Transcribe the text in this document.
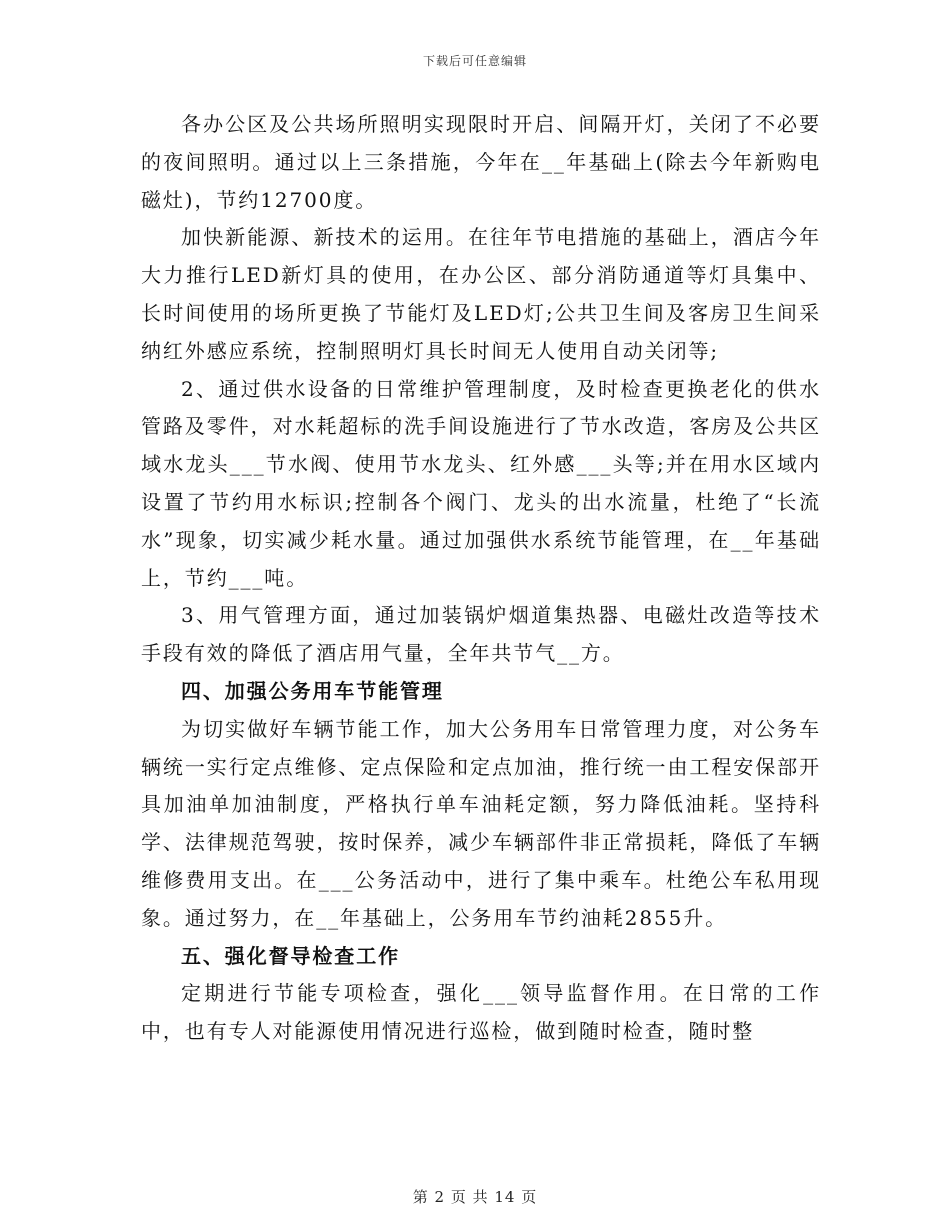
下载后可任意编辑

各办公区及公共场所照明实现限时开启、间隔开灯，关闭了不必要的夜间照明。通过以上三条措施，今年在__年基础上(除去今年新购电磁灶)，节约12700度。

加快新能源、新技术的运用。在往年节电措施的基础上，酒店今年大力推行LED新灯具的使用，在办公区、部分消防通道等灯具集中、长时间使用的场所更换了节能灯及LED灯;公共卫生间及客房卫生间采纳红外感应系统，控制照明灯具长时间无人使用自动关闭等;

2、通过供水设备的日常维护管理制度，及时检查更换老化的供水管路及零件，对水耗超标的洗手间设施进行了节水改造，客房及公共区域水龙头___节水阀、使用节水龙头、红外感___头等;并在用水区域内设置了节约用水标识;控制各个阀门、龙头的出水流量，杜绝了“长流水”现象，切实减少耗水量。通过加强供水系统节能管理，在__年基础上，节约___吨。

3、用气管理方面，通过加装锅炉烟道集热器、电磁灶改造等技术手段有效的降低了酒店用气量，全年共节气__方。

四、加强公务用车节能管理

为切实做好车辆节能工作，加大公务用车日常管理力度，对公务车辆统一实行定点维修、定点保险和定点加油，推行统一由工程安保部开具加油单加油制度，严格执行单车油耗定额，努力降低油耗。坚持科学、法律规范驾驶，按时保养，减少车辆部件非正常损耗，降低了车辆维修费用支出。在___公务活动中，进行了集中乘车。杜绝公车私用现象。通过努力，在__年基础上，公务用车节约油耗2855升。

五、强化督导检查工作

定期进行节能专项检查，强化___领导监督作用。在日常的工作中，也有专人对能源使用情况进行巡检，做到随时检查，随时整

第 2 页 共 14 页
